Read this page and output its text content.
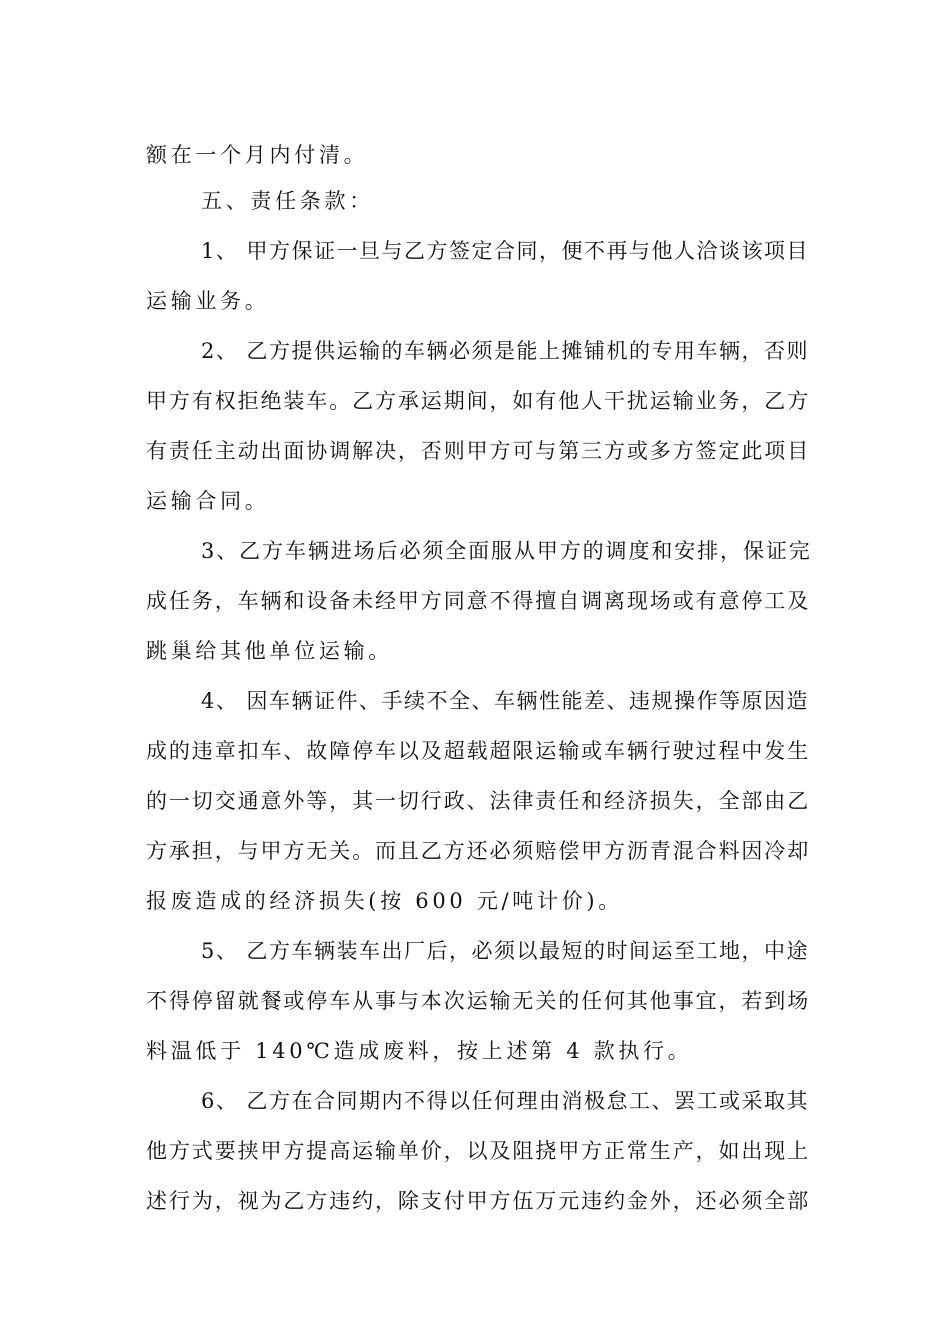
额在一个月内付清。
五、责任条款：
1、 甲方保证一旦与乙方签定合同，便不再与他人洽谈该项目
运输业务。
2、 乙方提供运输的车辆必须是能上摊铺机的专用车辆，否则
甲方有权拒绝装车。乙方承运期间，如有他人干扰运输业务，乙方
有责任主动出面协调解决，否则甲方可与第三方或多方签定此项目
运输合同。
3、乙方车辆进场后必须全面服从甲方的调度和安排，保证完
成任务，车辆和设备未经甲方同意不得擅自调离现场或有意停工及
跳巢给其他单位运输。
4、 因车辆证件、手续不全、车辆性能差、违规操作等原因造
成的违章扣车、故障停车以及超载超限运输或车辆行驶过程中发生
的一切交通意外等，其一切行政、法律责任和经济损失，全部由乙
方承担，与甲方无关。而且乙方还必须赔偿甲方沥青混合料因冷却
报废造成的经济损失(按 600 元/吨计价)。
5、 乙方车辆装车出厂后，必须以最短的时间运至工地，中途
不得停留就餐或停车从事与本次运输无关的任何其他事宜，若到场
料温低于 140℃造成废料，按上述第 4 款执行。
6、 乙方在合同期内不得以任何理由消极怠工、罢工或采取其
他方式要挟甲方提高运输单价，以及阻挠甲方正常生产，如出现上
述行为，视为乙方违约，除支付甲方伍万元违约金外，还必须全部
